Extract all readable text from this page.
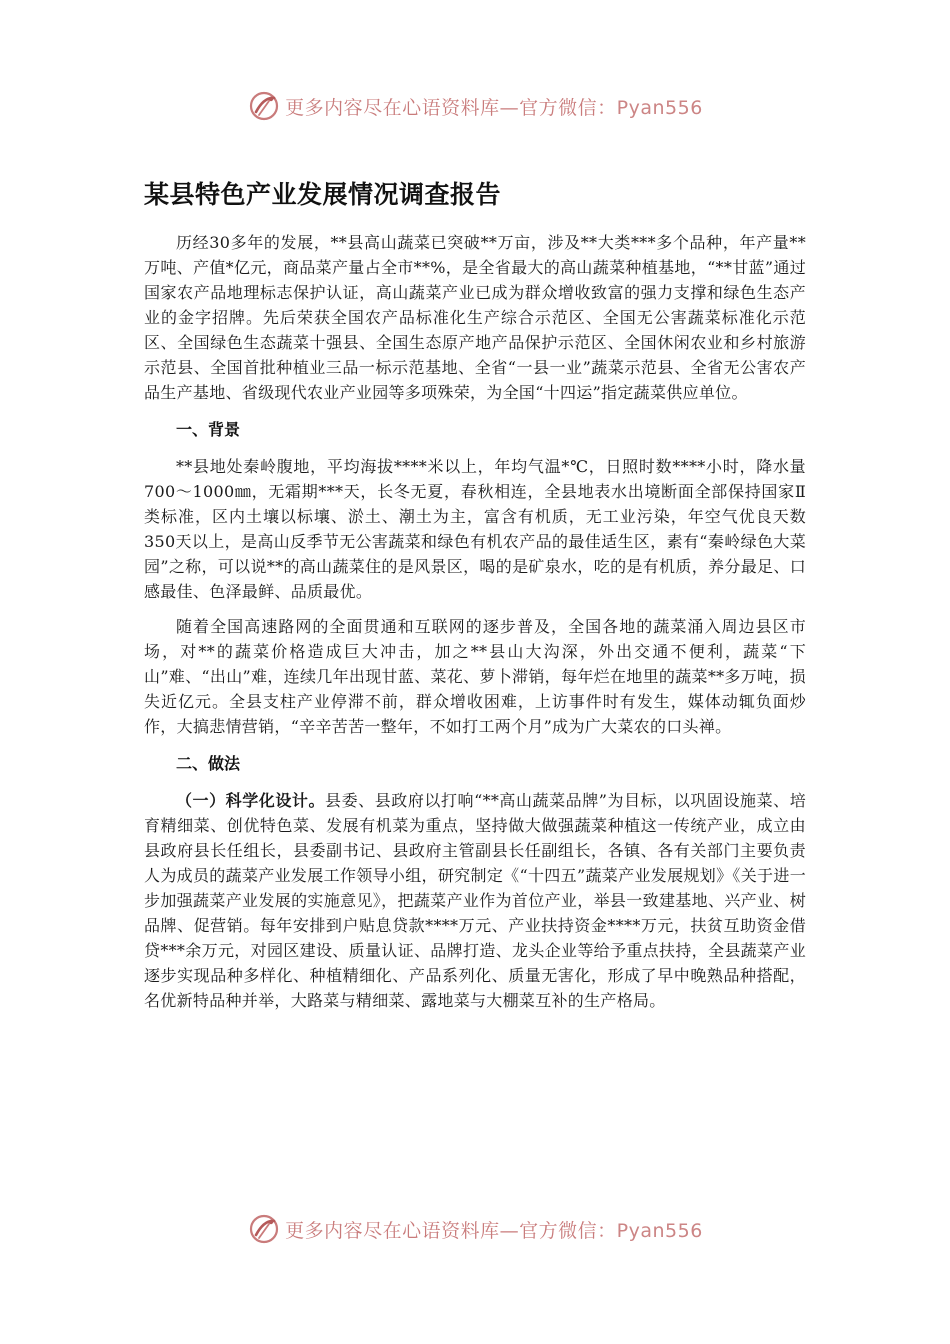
更多内容尽在心语资料库—官方微信：Pyan556
某县特色产业发展情况调查报告

历经30多年的发展，**县高山蔬菜已突破**万亩，涉及**大类***多个品种，年产量**万吨、产值*亿元，商品菜产量占全市**%，是全省最大的高山蔬菜种植基地，“**甘蓝”通过国家农产品地理标志保护认证，高山蔬菜产业已成为群众增收致富的强力支撑和绿色生态产业的金字招牌。先后荣获全国农产品标准化生产综合示范区、全国无公害蔬菜标准化示范区、全国绿色生态蔬菜十强县、全国生态原产地产品保护示范区、全国休闲农业和乡村旅游示范县、全国首批种植业三品一标示范基地、全省“一县一业”蔬菜示范县、全省无公害农产品生产基地、省级现代农业产业园等多项殊荣，为全国“十四运”指定蔬菜供应单位。

一、背景

**县地处秦岭腹地，平均海拔****米以上，年均气温*℃，日照时数****小时，降水量700～1000㎜，无霜期***天，长冬无夏，春秋相连，全县地表水出境断面全部保持国家Ⅱ类标准，区内土壤以标壤、淤土、潮土为主，富含有机质，无工业污染，年空气优良天数350天以上，是高山反季节无公害蔬菜和绿色有机农产品的最佳适生区，素有“秦岭绿色大菜园”之称，可以说**的高山蔬菜住的是风景区，喝的是矿泉水，吃的是有机质，养分最足、口感最佳、色泽最鲜、品质最优。

随着全国高速路网的全面贯通和互联网的逐步普及，全国各地的蔬菜涌入周边县区市场，对**的蔬菜价格造成巨大冲击，加之**县山大沟深，外出交通不便利，蔬菜“下山”难、“出山”难，连续几年出现甘蓝、菜花、萝卜滞销，每年烂在地里的蔬菜**多万吨，损失近亿元。全县支柱产业停滞不前，群众增收困难，上访事件时有发生，媒体动辄负面炒作，大搞悲情营销，“辛辛苦苦一整年，不如打工两个月”成为广大菜农的口头禅。

二、做法

（一）科学化设计。县委、县政府以打响“**高山蔬菜品牌”为目标，以巩固设施菜、培育精细菜、创优特色菜、发展有机菜为重点，坚持做大做强蔬菜种植这一传统产业，成立由县政府县长任组长，县委副书记、县政府主管副县长任副组长，各镇、各有关部门主要负责人为成员的蔬菜产业发展工作领导小组，研究制定《“十四五”蔬菜产业发展规划》《关于进一步加强蔬菜产业发展的实施意见》，把蔬菜产业作为首位产业，举县一致建基地、兴产业、树品牌、促营销。每年安排到户贴息贷款****万元、产业扶持资金****万元，扶贫互助资金借贷***余万元，对园区建设、质量认证、品牌打造、龙头企业等给予重点扶持，全县蔬菜产业逐步实现品种多样化、种植精细化、产品系列化、质量无害化，形成了早中晚熟品种搭配，名优新特品种并举，大路菜与精细菜、露地菜与大棚菜互补的生产格局。

更多内容尽在心语资料库—官方微信：Pyan556
